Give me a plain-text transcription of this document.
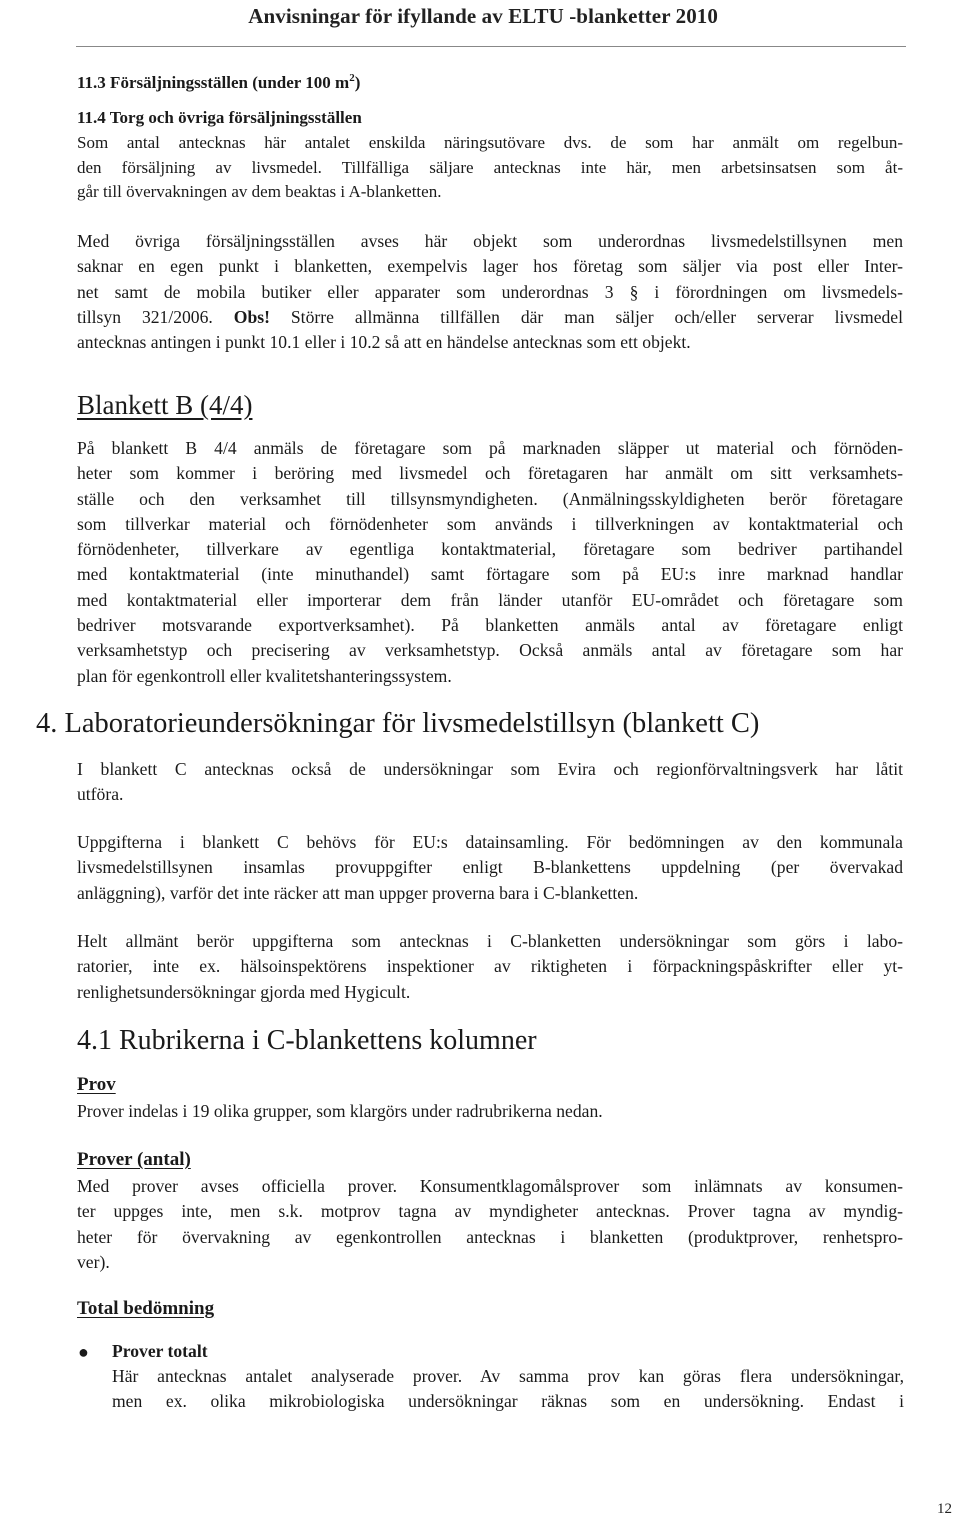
Anvisningar för ifyllande av ELTU -blanketter 2010
11.3 Försäljningsställen (under 100 $m^2$)
11.4 Torg och övriga försäljningsställen
Som antal antecknas här antalet enskilda näringsutövare dvs. de som har anmält om regelbun-
den försäljning av livsmedel. Tillfälliga säljare antecknas inte här, men arbetsinsatsen som åt-
går till övervakningen av dem beaktas i A-blanketten.
Med övriga försäljningsställen avses här objekt som underordnas livsmedelstillsynen men
saknar en egen punkt i blanketten, exempelvis lager hos företag som säljer via post eller Inter-
net samt de mobila butiker eller apparater som underordnas 3 § i förordningen om livsmedels-
tillsyn 321/2006. Obs! Större allmänna tillfällen där man säljer och/eller serverar livsmedel
antecknas antingen i punkt 10.1 eller i 10.2 så att en händelse antecknas som ett objekt.
Blankett B (4/4)
På blankett B 4/4 anmäls de företagare som på marknaden släpper ut material och förnöden-
heter som kommer i beröring med livsmedel och företagaren har anmält om sitt verksamhets-
ställe och den verksamhet till tillsynsmyndigheten. (Anmälningsskyldigheten berör företagare
som tillverkar material och förnödenheter som används i tillverkningen av kontaktmaterial och
förnödenheter, tillverkare av egentliga kontaktmaterial, företagare som bedriver partihandel
med kontaktmaterial (inte minuthandel) samt förtagare som på EU:s inre marknad handlar
med kontaktmaterial eller importerar dem från länder utanför EU-området och företagare som
bedriver motsvarande exportverksamhet). På blanketten anmäls antal av företagare enligt
verksamhetstyp och precisering av verksamhetstyp. Också anmäls antal av företagare som har
plan för egenkontroll eller kvalitetshanteringssystem.
4. Laboratorieundersökningar för livsmedelstillsyn (blankett C)
I blankett C antecknas också de undersökningar som Evira och regionförvaltningsverk har låtit
utföra.
Uppgifterna i blankett C behövs för EU:s datainsamling. För bedömningen av den kommunala
livsmedelstillsynen insamlas provuppgifter enligt B-blankettens uppdelning (per övervakad
anläggning), varför det inte räcker att man uppger proverna bara i C-blanketten.
Helt allmänt berör uppgifterna som antecknas i C-blanketten undersökningar som görs i labo-
ratorier, inte ex. hälsoinspektörens inspektioner av riktigheten i förpackningspåskrifter eller yt-
renlighetsundersökningar gjorda med Hygicult.
4.1 Rubrikerna i C-blankettens kolumner
Prov
Prover indelas i 19 olika grupper, som klargörs under radrubrikerna nedan.
Prover (antal)
Med prover avses officiella prover. Konsumentklagomålsprover som inlämnats av konsumen-
ter uppges inte, men s.k. motprov tagna av myndigheter antecknas. Prover tagna av myndig-
heter för övervakning av egenkontrollen antecknas i blanketten (produktprover, renhetspro-
ver).
Total bedömning
● Prover totalt
Här antecknas antalet analyserade prover. Av samma prov kan göras flera undersökningar,
men ex. olika mikrobiologiska undersökningar räknas som en undersökning. Endast i
12
